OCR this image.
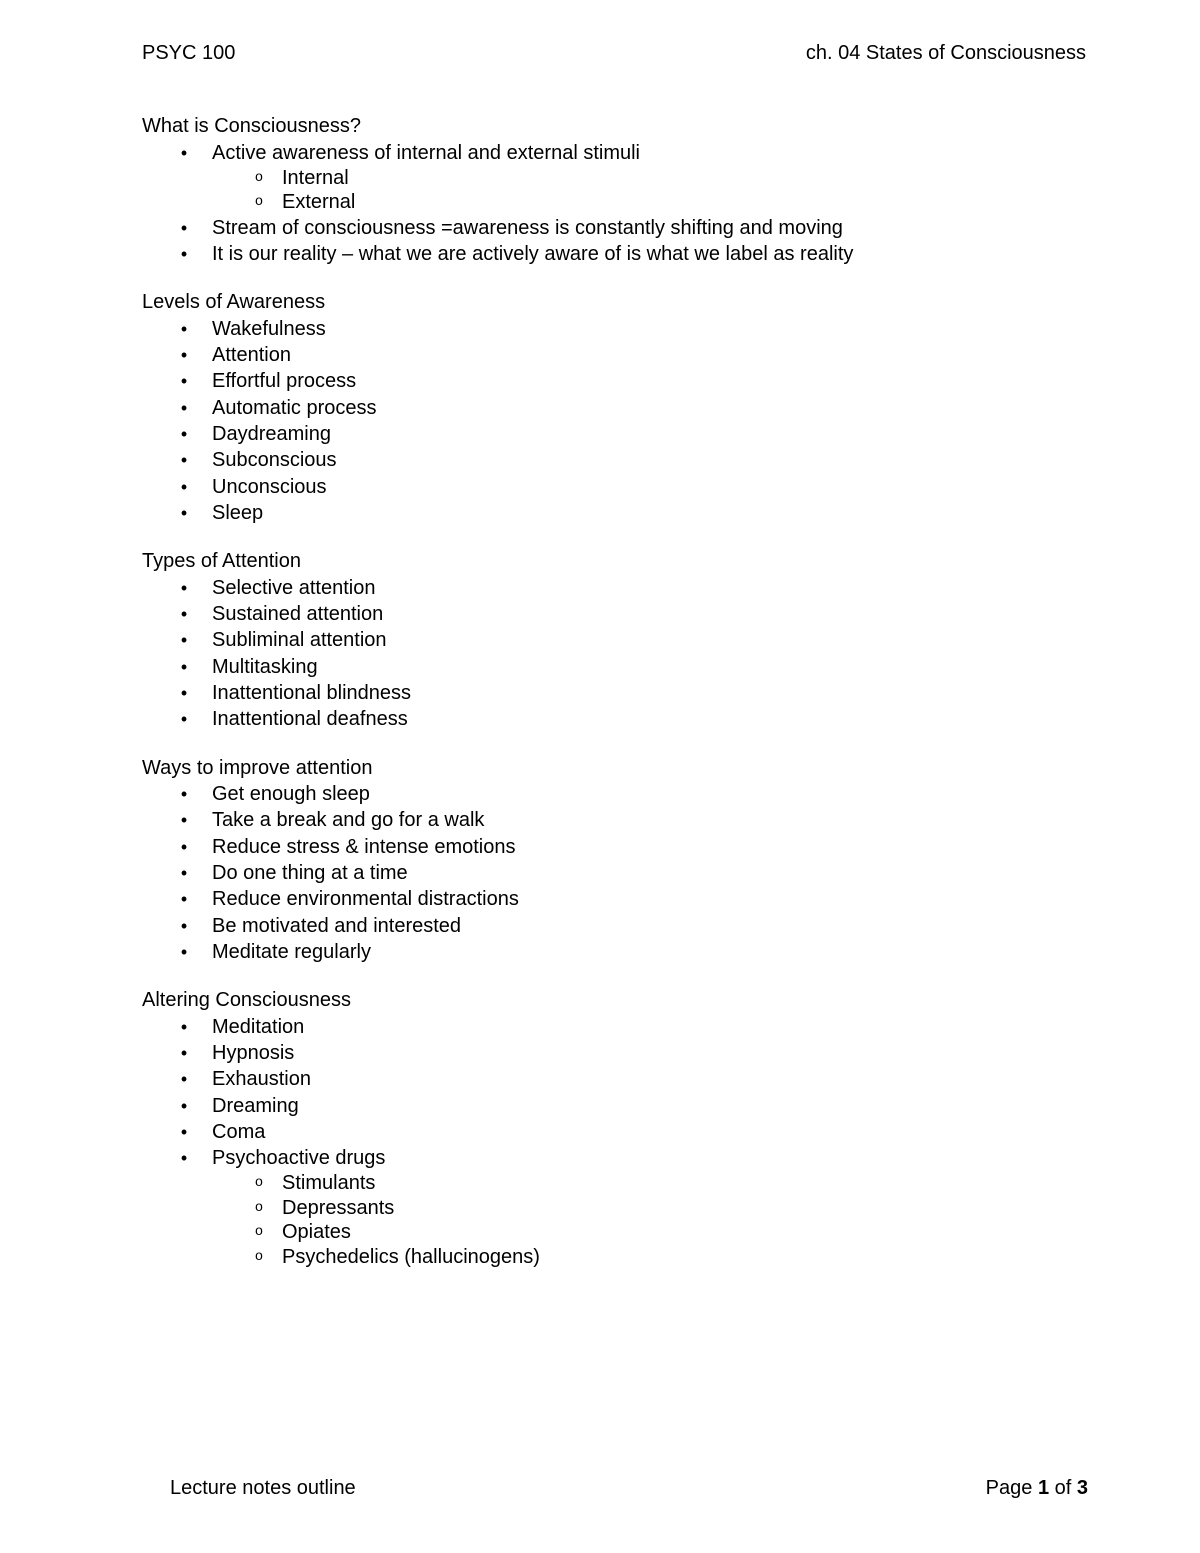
PSYC 100	ch. 04 States of Consciousness
What is Consciousness?
•	Active awareness of internal and external stimuli
o Internal
o External
•	Stream of consciousness =awareness is constantly shifting and moving
•	It is our reality – what we are actively aware of is what we label as reality
Levels of Awareness
•	Wakefulness
•	Attention
•	Effortful process
•	Automatic process
•	Daydreaming
•	Subconscious
•	Unconscious
•	Sleep
Types of Attention
•	Selective attention
•	Sustained attention
•	Subliminal attention
•	Multitasking
•	Inattentional blindness
•	Inattentional deafness
Ways to improve attention
•	Get enough sleep
•	Take a break and go for a walk
•	Reduce stress & intense emotions
•	Do one thing at a time
•	Reduce environmental distractions
•	Be motivated and interested
•	Meditate regularly
Altering Consciousness
•	Meditation
•	Hypnosis
•	Exhaustion
•	Dreaming
•	Coma
•	Psychoactive drugs
o Stimulants
o Depressants
o Opiates
o Psychedelics (hallucinogens)
Lecture notes outline	Page 1 of 3
